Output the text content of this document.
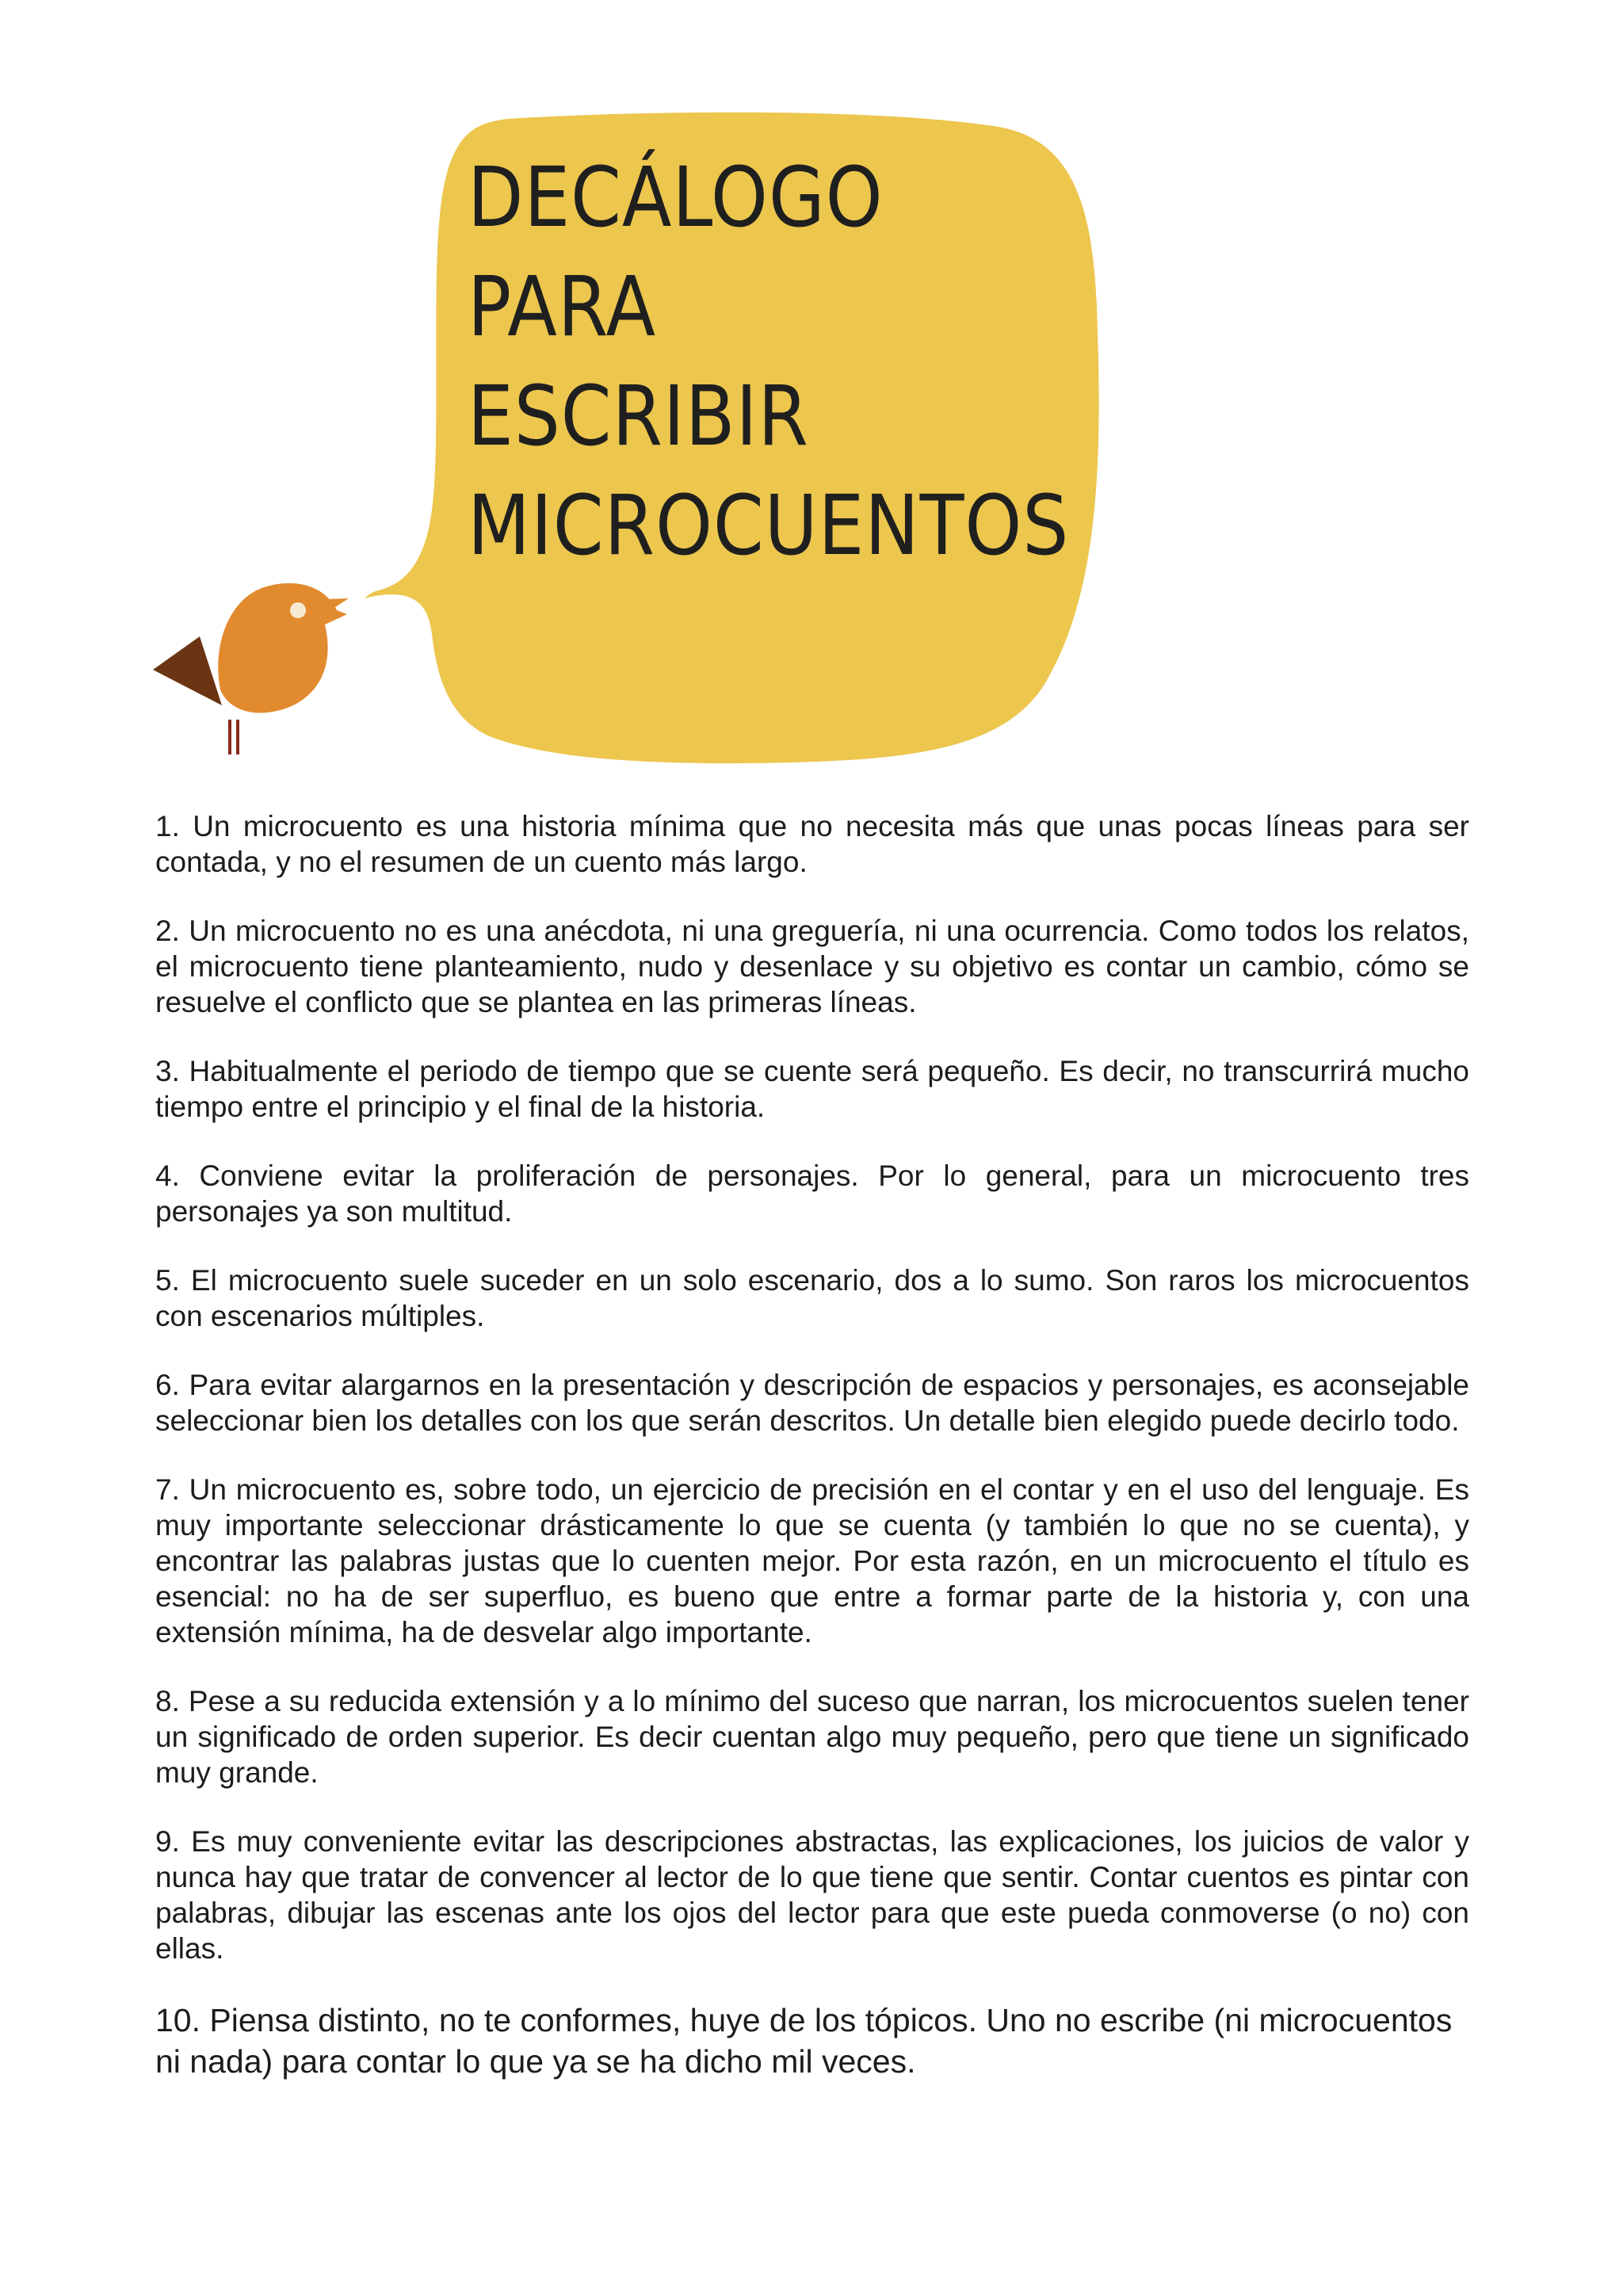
DECÁLOGO
PARA
ESCRIBIR
MICROCUENTOS
1. Un microcuento es una historia mínima que no necesita más que unas pocas líneas para ser contada, y no el resumen de un cuento más largo.
2. Un microcuento no es una anécdota, ni una greguería, ni una ocurrencia. Como todos los relatos, el microcuento tiene planteamiento, nudo y desenlace y su objetivo es contar un cambio, cómo se resuelve el conflicto que se plantea en las primeras líneas.
3. Habitualmente el periodo de tiempo que se cuente será pequeño. Es decir, no transcurrirá mucho tiempo entre el principio y el final de la historia.
4. Conviene evitar la proliferación de personajes. Por lo general, para un microcuento tres personajes ya son multitud.
5. El microcuento suele suceder en un solo escenario, dos a lo sumo. Son raros los microcuentos con escenarios múltiples.
6. Para evitar alargarnos en la presentación y descripción de espacios y personajes, es aconsejable seleccionar bien los detalles con los que serán descritos. Un detalle bien elegido puede decirlo todo.
7. Un microcuento es, sobre todo, un ejercicio de precisión en el contar y en el uso del lenguaje. Es muy importante seleccionar drásticamente lo que se cuenta (y también lo que no se cuenta), y encontrar las palabras justas que lo cuenten mejor. Por esta razón, en un microcuento el título es esencial: no ha de ser superfluo, es bueno que entre a formar parte de la historia y, con una extensión mínima, ha de desvelar algo importante.
8. Pese a su reducida extensión y a lo mínimo del suceso que narran, los microcuentos suelen tener un significado de orden superior. Es decir cuentan algo muy pequeño, pero que tiene un significado muy grande.
9. Es muy conveniente evitar las descripciones abstractas, las explicaciones, los juicios de valor y nunca hay que tratar de convencer al lector de lo que tiene que sentir. Contar cuentos es pintar con palabras, dibujar las escenas ante los ojos del lector para que este pueda conmoverse (o no) con ellas.
10. Piensa distinto, no te conformes, huye de los tópicos. Uno no escribe (ni microcuentos ni nada) para contar lo que ya se ha dicho mil veces.
